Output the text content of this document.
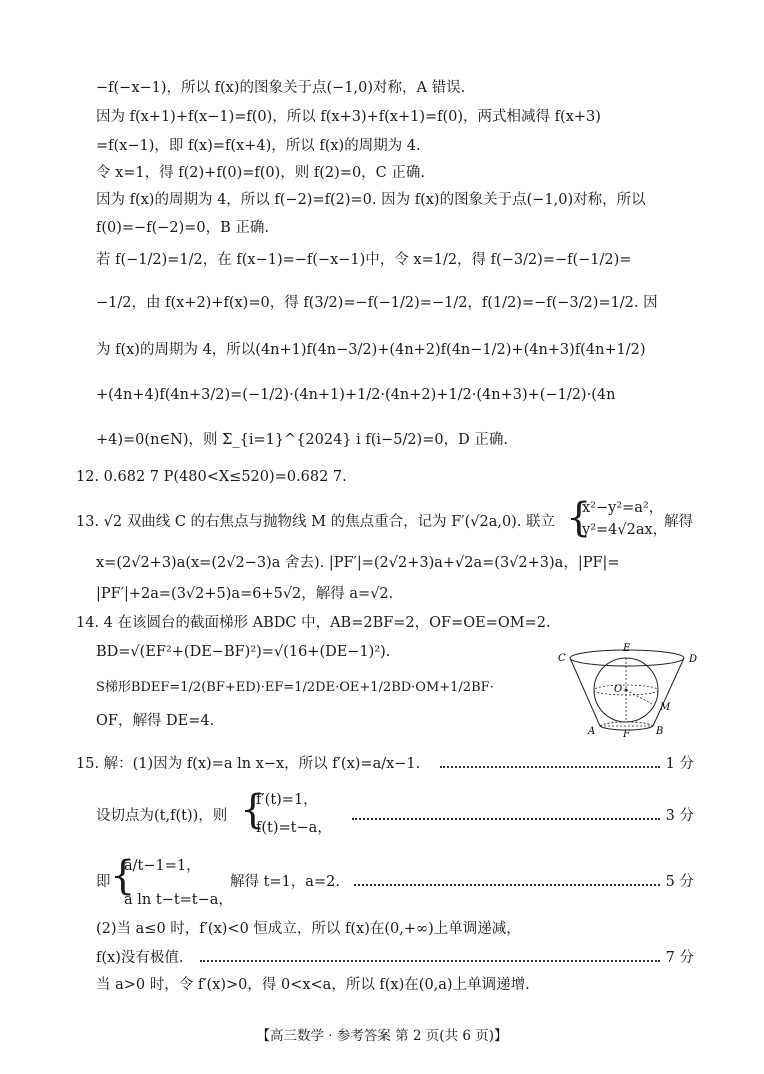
−f(−x−1)，所以 f(x)的图象关于点(−1,0)对称，A 错误.
因为 f(x+1)+f(x−1)=f(0)，所以 f(x+3)+f(x+1)=f(0)，两式相减得 f(x+3)
=f(x−1)，即 f(x)=f(x+4)，所以 f(x)的周期为 4.
令 x=1，得 f(2)+f(0)=f(0)，则 f(2)=0，C 正确.
因为 f(x)的周期为 4，所以 f(−2)=f(2)=0. 因为 f(x)的图象关于点(−1,0)对称，所以
f(0)=−f(−2)=0，B 正确.
若 f(−1/2)=1/2，在 f(x−1)=−f(−x−1)中，令 x=1/2，得 f(−3/2)=−f(−1/2)=
−1/2，由 f(x+2)+f(x)=0，得 f(3/2)=−f(−1/2)=−1/2，f(1/2)=−f(−3/2)=1/2. 因
为 f(x)的周期为 4，所以(4n+1)f(4n−3/2)+(4n+2)f(4n−1/2)+(4n+3)f(4n+1/2)
+(4n+4)f(4n+3/2)=(−1/2)·(4n+1)+1/2·(4n+2)+1/2·(4n+3)+(−1/2)·(4n
+4)=0(n∈N)，则 Σ_{i=1}^{2024} i f(i−5/2)=0，D 正确.
12. 0.682 7 P(480<X≤520)=0.682 7.
13. √2 双曲线 C 的右焦点与抛物线 M 的焦点重合，记为 F′(√2a,0). 联立 {
x²−y²=a²，
y²=4√2ax，
解得
x=(2√2+3)a(x=(2√2−3)a 舍去). |PF′|=(2√2+3)a+√2a=(3√2+3)a，|PF|=
|PF′|+2a=(3√2+5)a=6+5√2，解得 a=√2.
14. 4 在该圆台的截面梯形 ABDC 中，AB=2BF=2，OF=OE=OM=2.
BD=√(EF²+(DE−BF)²)=√(16+(DE−1)²).
S梯形BDEF=1/2(BF+ED)·EF=1/2DE·OE+1/2BD·OM+1/2BF·
OF，解得 DE=4.
C
E
D
O
M
A	F	B
15. 解：(1)因为 f(x)=a ln x−x，所以 f′(x)=a/x−1.	1 分
设切点为(t,f(t))，则 {
f′(t)=1，
f(t)=t−a，
3 分
即 {
a/t−1=1，
a ln t−t=t−a，
解得 t=1，a=2.	5 分
(2)当 a≤0 时，f′(x)<0 恒成立，所以 f(x)在(0,+∞)上单调递减，
f(x)没有极值.	7 分
当 a>0 时，令 f′(x)>0，得 0<x<a，所以 f(x)在(0,a)上单调递增.
【高三数学 · 参考答案 第 2 页(共 6 页)】
